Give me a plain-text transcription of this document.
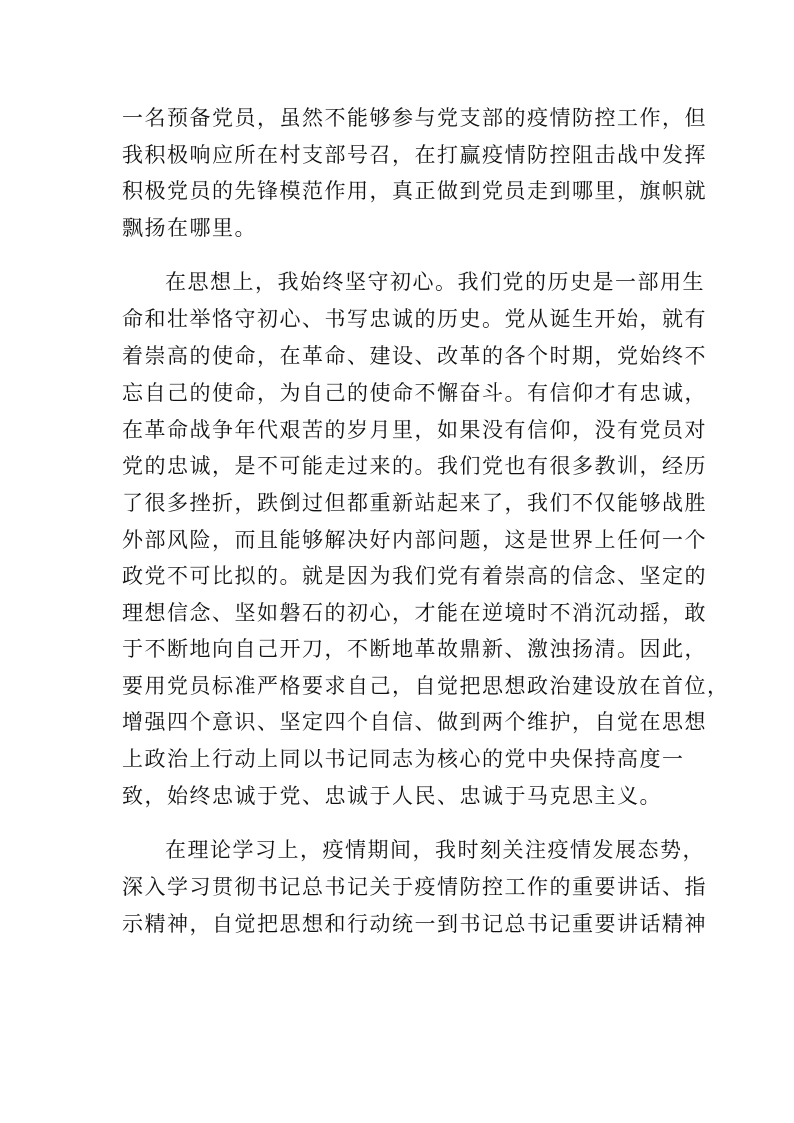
一名预备党员，虽然不能够参与党支部的疫情防控工作，但
我积极响应所在村支部号召，在打赢疫情防控阻击战中发挥
积极党员的先锋模范作用，真正做到党员走到哪里，旗帜就
飘扬在哪里。
在思想上，我始终坚守初心。我们党的历史是一部用生
命和壮举恪守初心、书写忠诚的历史。党从诞生开始，就有
着崇高的使命，在革命、建设、改革的各个时期，党始终不
忘自己的使命，为自己的使命不懈奋斗。有信仰才有忠诚，
在革命战争年代艰苦的岁月里，如果没有信仰，没有党员对
党的忠诚，是不可能走过来的。我们党也有很多教训，经历
了很多挫折，跌倒过但都重新站起来了，我们不仅能够战胜
外部风险，而且能够解决好内部问题，这是世界上任何一个
政党不可比拟的。就是因为我们党有着崇高的信念、坚定的
理想信念、坚如磐石的初心，才能在逆境时不消沉动摇，敢
于不断地向自己开刀，不断地革故鼎新、激浊扬清。因此，
要用党员标准严格要求自己，自觉把思想政治建设放在首位，
增强四个意识、坚定四个自信、做到两个维护，自觉在思想
上政治上行动上同以书记同志为核心的党中央保持高度一
致，始终忠诚于党、忠诚于人民、忠诚于马克思主义。
在理论学习上，疫情期间，我时刻关注疫情发展态势，
深入学习贯彻书记总书记关于疫情防控工作的重要讲话、指
示精神，自觉把思想和行动统一到书记总书记重要讲话精神
